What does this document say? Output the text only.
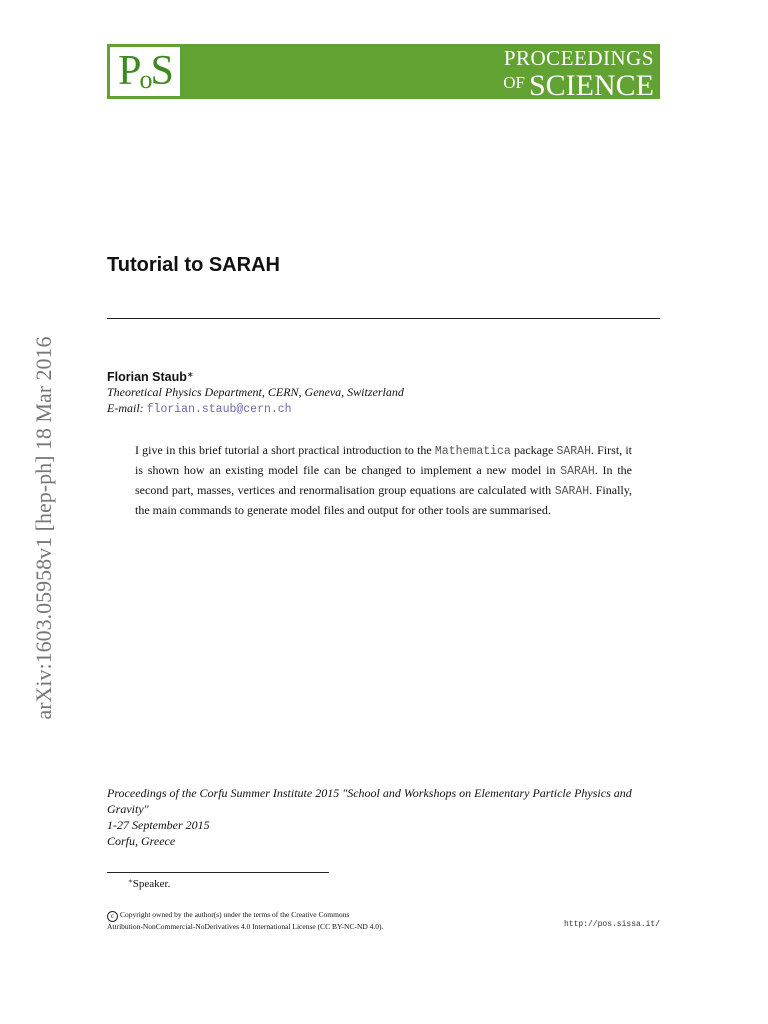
PoS	PROCEEDINGS
OF SCIENCE
arXiv:1603.05958v1 [hep-ph] 18 Mar 2016
Tutorial to SARAH
Florian Staub∗
Theoretical Physics Department, CERN, Geneva, Switzerland
E-mail: florian.staub@cern.ch
I give in this brief tutorial a short practical introduction to the Mathematica package SARAH. First, it is shown how an existing model file can be changed to implement a new model in SARAH. In the second part, masses, vertices and renormalisation group equations are calculated with SARAH. Finally, the main commands to generate model files and output for other tools are summarised.
Proceedings of the Corfu Summer Institute 2015 "School and Workshops on Elementary Particle Physics and Gravity"
1-27 September 2015
Corfu, Greece
∗Speaker.
c Copyright owned by the author(s) under the terms of the Creative Commons
Attribution-NonCommercial-NoDerivatives 4.0 International License (CC BY-NC-ND 4.0).	http://pos.sissa.it/
